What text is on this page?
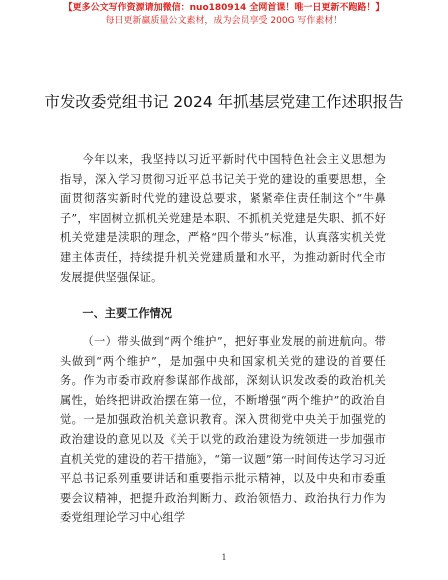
【更多公文写作资源请加微信：nuo180914 全网首课！唯一日更新不跑路！】
每日更新赢质量公文素材，成为会员享受 200G 写作素材！
市发改委党组书记 2024 年抓基层党建工作述职报告

今年以来，我坚持以习近平新时代中国特色社会主义思想为指导，深入学习贯彻习近平总书记关于党的建设的重要思想，全面贯彻落实新时代党的建设总要求，紧紧牵住责任制这个“牛鼻子”，牢固树立抓机关党建是本职、不抓机关党建是失职、抓不好机关党建是渎职的理念，严格“四个带头”标准，认真落实机关党建主体责任，持续提升机关党建质量和水平，为推动新时代全市发展提供坚强保证。

一、主要工作情况

（一）带头做到“两个维护”，把好事业发展的前进航向。带头做到“两个维护”，是加强中央和国家机关党的建设的首要任务。作为市委市政府参谋部作战部，深刻认识发改委的政治机关属性，始终把讲政治摆在第一位，不断增强“两个维护”的政治自觉。一是加强政治机关意识教育。深入贯彻党中央关于加强党的政治建设的意见以及《关于以党的政治建设为统领进一步加强市直机关党的建设的若干措施》，“第一议题”第一时间传达学习习近平总书记系列重要讲话和重要指示批示精神，以及中央和市委重要会议精神，把提升政治判断力、政治领悟力、政治执行力作为委党组理论学习中心组学

1
